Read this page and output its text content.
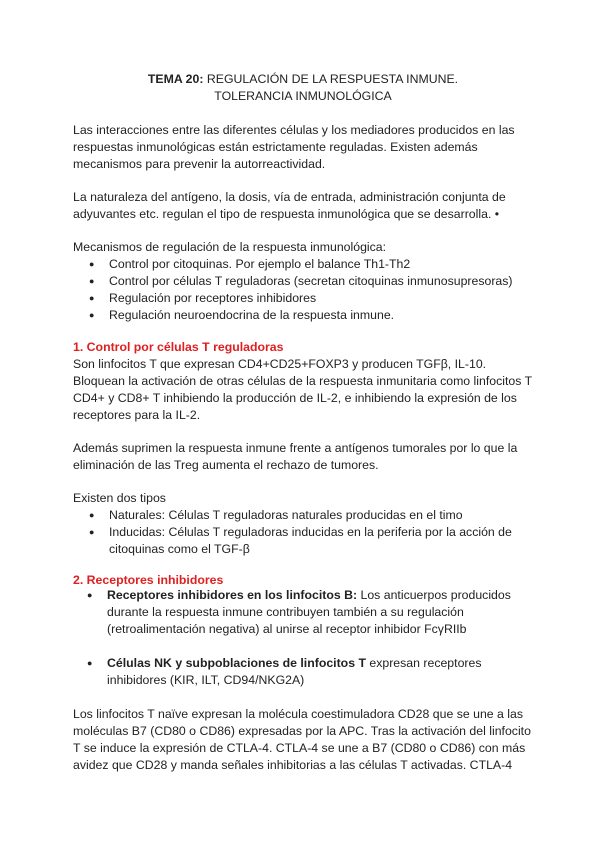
TEMA 20: REGULACIÓN DE LA RESPUESTA INMUNE.
TOLERANCIA INMUNOLÓGICA
Las interacciones entre las diferentes células y los mediadores producidos en las respuestas inmunológicas están estrictamente reguladas. Existen además mecanismos para prevenir la autorreactividad.
La naturaleza del antígeno, la dosis, vía de entrada, administración conjunta de adyuvantes etc. regulan el tipo de respuesta inmunológica que se desarrolla. •
Mecanismos de regulación de la respuesta inmunológica:
● Control por citoquinas. Por ejemplo el balance Th1-Th2
● Control por células T reguladoras (secretan citoquinas inmunosupresoras)
● Regulación por receptores inhibidores
● Regulación neuroendocrina de la respuesta inmune.
1. Control por células T reguladoras
Son linfocitos T que expresan CD4+CD25+FOXP3 y producen TGFβ, IL-10. Bloquean la activación de otras células de la respuesta inmunitaria como linfocitos T CD4+ y CD8+ T inhibiendo la producción de IL-2, e inhibiendo la expresión de los receptores para la IL-2.
Además suprimen la respuesta inmune frente a antígenos tumorales por lo que la eliminación de las Treg aumenta el rechazo de tumores.
Existen dos tipos
● Naturales: Células T reguladoras naturales producidas en el timo
● Inducidas: Células T reguladoras inducidas en la periferia por la acción de citoquinas como el TGF-β
2. Receptores inhibidores
● Receptores inhibidores en los linfocitos B: Los anticuerpos producidos durante la respuesta inmune contribuyen también a su regulación (retroalimentación negativa) al unirse al receptor inhibidor FcγRIIb
● Células NK y subpoblaciones de linfocitos T expresan receptores inhibidores (KIR, ILT, CD94/NKG2A)
Los linfocitos T naïve expresan la molécula coestimuladora CD28 que se une a las moléculas B7 (CD80 o CD86) expresadas por la APC. Tras la activación del linfocito T se induce la expresión de CTLA-4. CTLA-4 se une a B7 (CD80 o CD86) con más avidez que CD28 y manda señales inhibitorias a las células T activadas. CTLA-4
